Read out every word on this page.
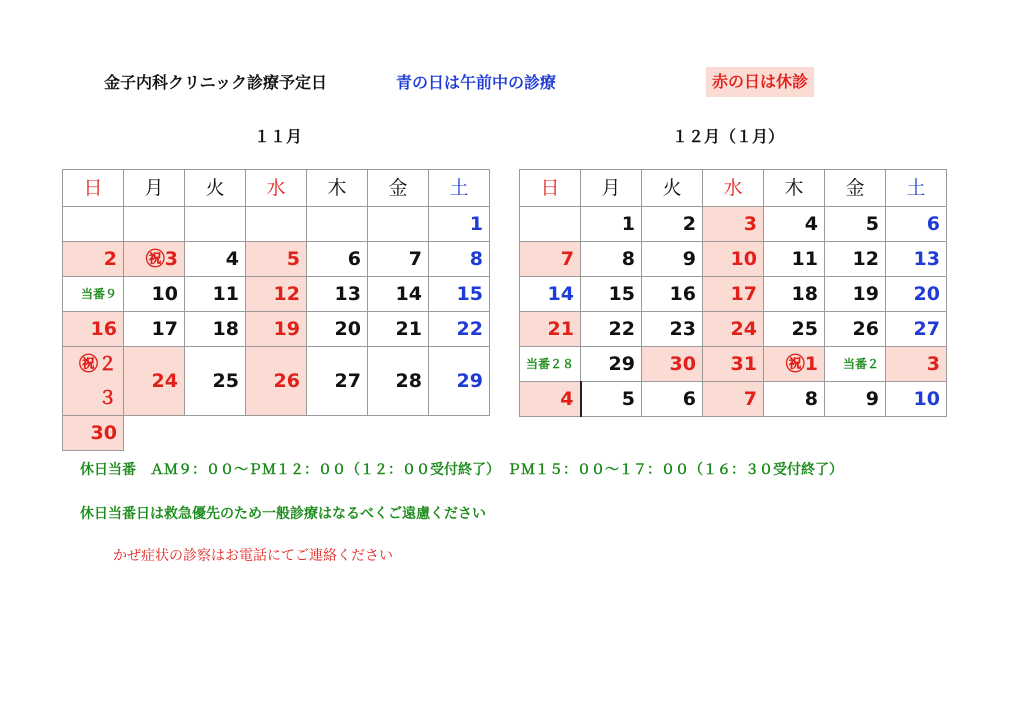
金子内科クリニック診療予定日	青の日は午前中の診療	赤の日は休診
１１月	１２月（１月）
日	月	火	水	木	金	土
						1
2	㊗3	4	5	6	7	8
当番９	10	11	12	13	14	15
16	17	18	19	20	21	22
㊗２３	24	25	26	27	28	29
30						
日	月	火	水	木	金	土
	1	2	3	4	5	6
7	8	9	10	11	12	13
14	15	16	17	18	19	20
21	22	23	24	25	26	27
当番２８	29	30	31	㊗1	当番２	3
4	5	6	7	8	9	10
休日当番　ＡＭ９：００～ＰＭ１２：００（１２：００受付終了）　ＰＭ１５：００～１７：００（１６：３０受付終了）
休日当番日は救急優先のため一般診療はなるべくご遠慮ください
かぜ症状の診察はお電話にてご連絡ください
